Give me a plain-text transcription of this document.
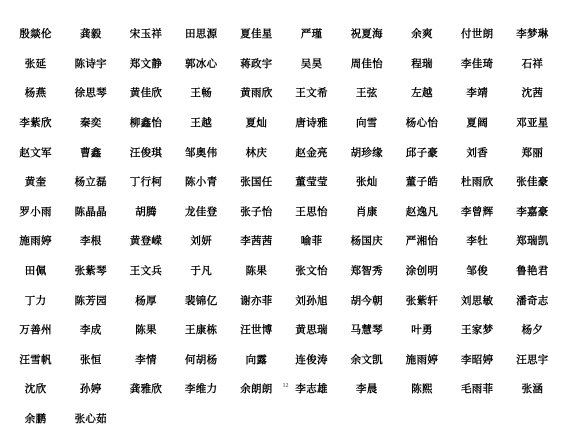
殷燚伦	龚毅	宋玉祥	田思源	夏佳星	严瑾	祝夏海	余爽	付世朗	李梦琳
张延	陈诗宇	郑文静	郭冰心	蒋政宇	吴昊	周佳怡	程瑞	李佳琦	石祥
杨燕	徐思琴	黄佳欣	王畅	黄雨欣	王文希	王弦	左越	李靖	沈茜
李紫欣	秦奕	柳鑫怡	王越	夏灿	唐诗雅	向雪	杨心怡	夏阔	邓亚星
赵文军	曹鑫	汪俊琪	邹奥伟	林庆	赵金亮	胡珍缘	邱子豪	刘香	郑丽
黄奎	杨立磊	丁行柯	陈小青	张国任	董莹莹	张灿	董子皓	杜雨欣	张佳豪
罗小雨	陈晶晶	胡腾	龙佳登	张子怡	王思怡	肖康	赵逸凡	李曾辉	李嘉豪
施雨婷	李根	黄登嵘	刘妍	李茜茜	喻菲	杨国庆	严湘怡	李牡	郑瑞凯
田佩	张紫琴	王文兵	于凡	陈果	张文怡	郑智秀	涂创明	邹俊	鲁艳君
丁力	陈芳园	杨厚	裴锦亿	谢亦菲	刘孙旭	胡今朝	张紫轩	刘思敏	潘奇志
万善州	李成	陈果	王康栋	汪世博	黄思瑞	马慧琴	叶勇	王家梦	杨夕
汪雪帆	张恒	李情	何胡杨	向露	连俊涛	余文凯	施雨婷	李昭婷	汪思宇
沈欣	孙婷	龚雅欣	李维力	余朗朗	李志雄	李晨	陈熙	毛雨菲	张涵
余鹏	张心茹
12
